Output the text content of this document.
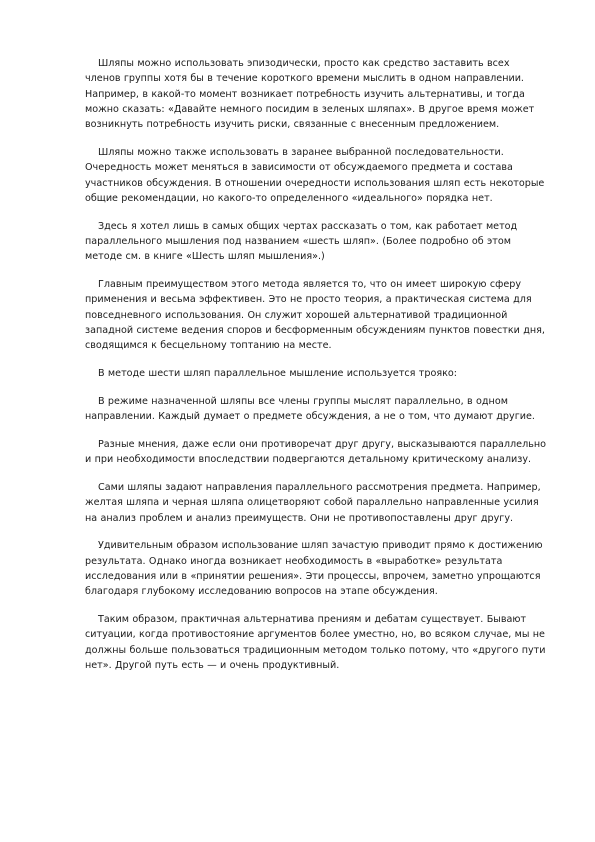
Шляпы можно использовать эпизодически, просто как средство заставить всех членов группы хотя бы в течение короткого времени мыслить в одном направлении. Например, в какой-то момент возникает потребность изучить альтернативы, и тогда можно сказать: «Давайте немного посидим в зеленых шляпах». В другое время может возникнуть потребность изучить риски, связанные с внесенным предложением.

Шляпы можно также использовать в заранее выбранной последовательности. Очередность может меняться в зависимости от обсуждаемого предмета и состава участников обсуждения. В отношении очередности использования шляп есть некоторые общие рекомендации, но какого-то определенного «идеального» порядка нет.

Здесь я хотел лишь в самых общих чертах рассказать о том, как работает метод параллельного мышления под названием «шесть шляп». (Более подробно об этом методе см. в книге «Шесть шляп мышления».)

Главным преимуществом этого метода является то, что он имеет широкую сферу применения и весьма эффективен. Это не просто теория, а практическая система для повседневного использования. Он служит хорошей альтернативой традиционной западной системе ведения споров и бесформенным обсуждениям пунктов повестки дня, сводящимся к бесцельному топтанию на месте.

В методе шести шляп параллельное мышление используется трояко:

В режиме назначенной шляпы все члены группы мыслят параллельно, в одном направлении. Каждый думает о предмете обсуждения, а не о том, что думают другие.

Разные мнения, даже если они противоречат друг другу, высказываются параллельно и при необходимости впоследствии подвергаются детальному критическому анализу.

Сами шляпы задают направления параллельного рассмотрения предмета. Например, желтая шляпа и черная шляпа олицетворяют собой параллельно направленные усилия на анализ проблем и анализ преимуществ. Они не противопоставлены друг другу.

Удивительным образом использование шляп зачастую приводит прямо к достижению результата. Однако иногда возникает необходимость в «выработке» результата исследования или в «принятии решения». Эти процессы, впрочем, заметно упрощаются благодаря глубокому исследованию вопросов на этапе обсуждения.

Таким образом, практичная альтернатива прениям и дебатам существует. Бывают ситуации, когда противостояние аргументов более уместно, но, во всяком случае, мы не должны больше пользоваться традиционным методом только потому, что «другого пути нет». Другой путь есть — и очень продуктивный.
